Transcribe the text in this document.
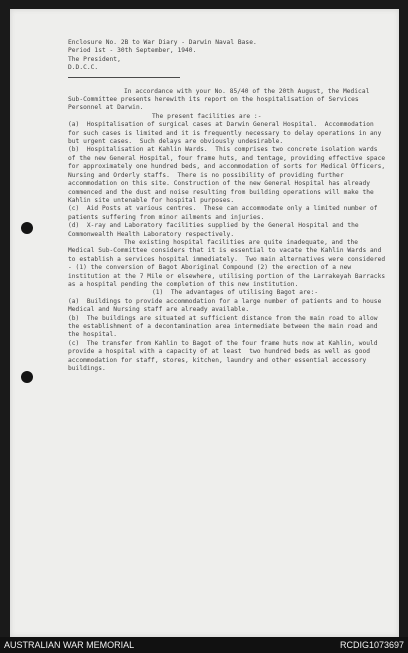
Enclosure No. 2B to War Diary - Darwin Naval Base.

Period 1st - 30th September, 1940.

The President,

D.D.C.C.

In accordance with your No. 85/40 of the 20th August, the Medical Sub-Committee presents herewith its report on the hospitalisation of Services Personnel at Darwin.

The present facilities are :-

(a)  Hospitalisation of surgical cases at Darwin General Hospital.  Accommodation for such cases is limited and it is frequently necessary to delay operations in any but urgent cases.  Such delays are obviously undesirable.

(b)  Hospitalisation at Kahlin Wards.  This comprises two concrete isolation wards of the new General Hospital, four frame huts, and tentage, providing effective space for approximately one hundred beds, and accommodation of sorts for Medical Officers, Nursing and Orderly staffs.  There is no possibility of providing further accommodation on this site. Construction of the new General Hospital has already commenced and the dust and noise resulting from building operations will make the Kahlin site untenable for hospital purposes.

(c)  Aid Posts at various centres.  These can accommodate only a limited number of patients suffering from minor ailments and injuries.

(d)  X-ray and Laboratory facilities supplied by the General Hospital and the Commonwealth Health Laboratory respectively.

The existing hospital facilities are quite inadequate, and the Medical Sub-Committee considers that it is essential to vacate the Kahlin Wards and to establish a services hospital immediately.  Two main alternatives were considered - (1) the conversion of Bagot Aboriginal Compound (2) the erection of a new institution at the 7 Mile or elsewhere, utilising portion of the Larrakeyah Barracks as a hospital pending the completion of this new institution.

(1)  The advantages of utilising Bagot are:-

(a)  Buildings to provide accommodation for a large number of patients and to house Medical and Nursing staff are already available.

(b)  The buildings are situated at sufficient distance from the main road to allow the establishment of a decontamination area intermediate between the main road and the hospital.

(c)  The transfer from Kahlin to Bagot of the four frame huts now at Kahlin, would provide a hospital with a capacity of at least  two hundred beds as well as good accommodation for staff, stores, kitchen, laundry and other essential accessory buildings.

AUSTRALIAN WAR MEMORIAL	RCDIG1073697
